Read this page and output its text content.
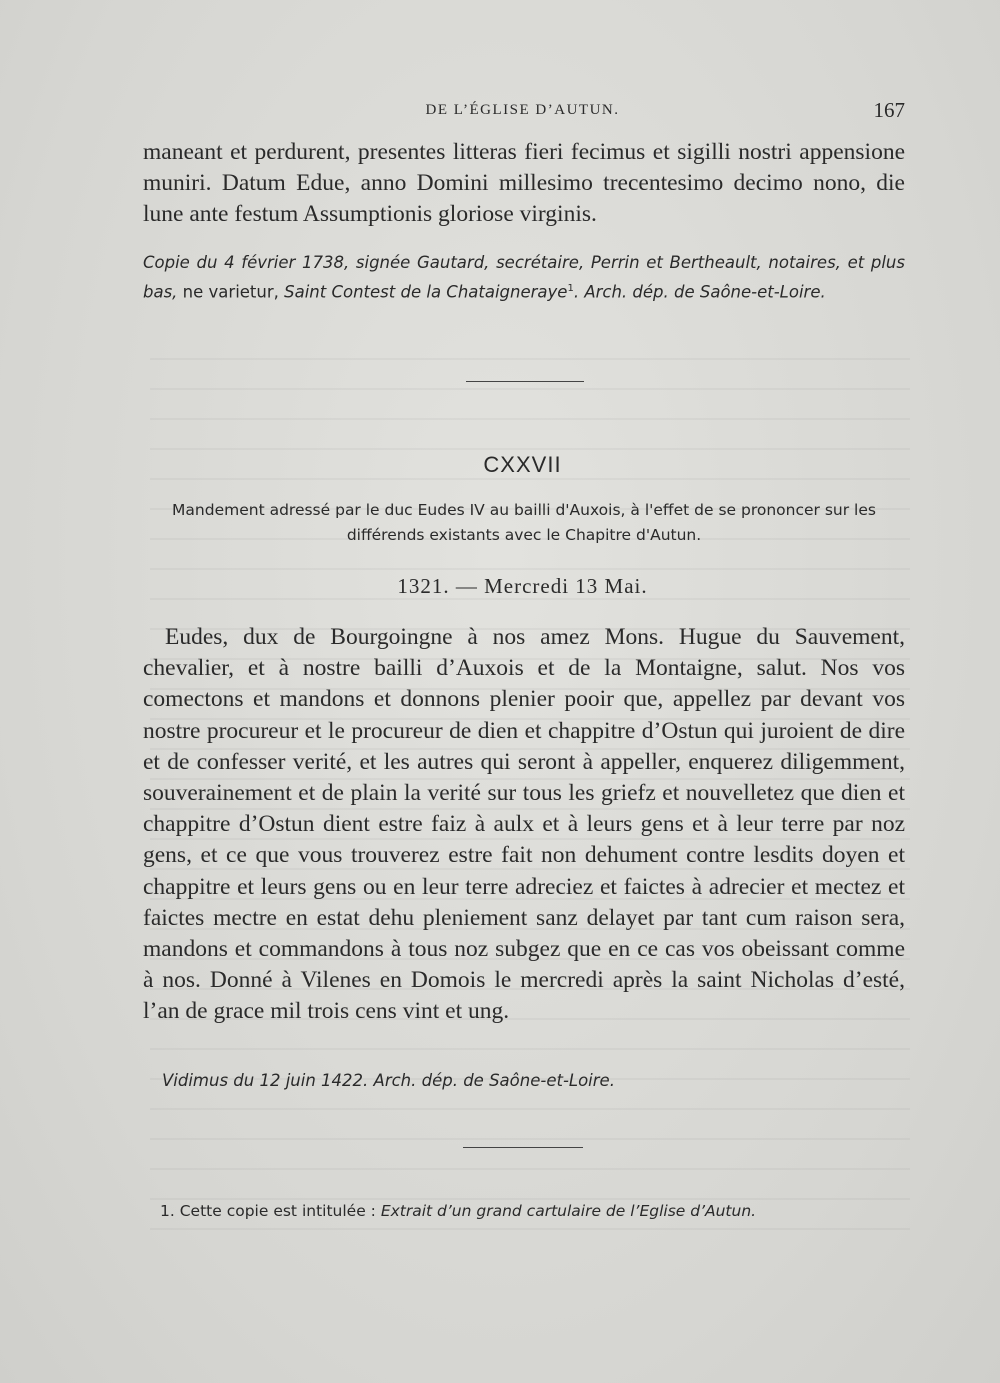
DE L’ÉGLISE D’AUTUN.	167
maneant et perdurent, presentes litteras fieri fecimus et sigilli nostri appensione muniri. Datum Edue, anno Domini millesimo trecentesimo decimo nono, die lune ante festum Assumptionis gloriose virginis.
Copie du 4 février 1738, signée Gautard, secrétaire, Perrin et Bertheault, notaires, et plus bas, ne varietur, Saint Contest de la Chataigneraye$^1$. Arch. dép. de Saône-et-Loire.
CXXVII
Mandement adressé par le duc Eudes IV au bailli d'Auxois, à l'effet de se prononcer sur les différends existants avec le Chapitre d'Autun.
1321. — Mercredi 13 Mai.
Eudes, dux de Bourgoingne à nos amez Mons. Hugue du Sauvement, chevalier, et à nostre bailli d’Auxois et de la Montaigne, salut. Nos vos comectons et mandons et donnons plenier pooir que, appellez par devant vos nostre procureur et le procureur de dien et chappitre d’Ostun qui juroient de dire et de confesser verité, et les autres qui seront à appeller, enquerez diligemment, souverainement et de plain la verité sur tous les griefz et nouvelletez que dien et chappitre d’Ostun dient estre faiz à aulx et à leurs gens et à leur terre par noz gens, et ce que vous trouverez estre fait non dehument contre lesdits doyen et chappitre et leurs gens ou en leur terre adreciez et faictes à adrecier et mectez et faictes mectre en estat dehu pleniement sanz delayet par tant cum raison sera, mandons et commandons à tous noz subgez que en ce cas vos obeissant comme à nos. Donné à Vilenes en Domois le mercredi après la saint Nicholas d’esté, l’an de grace mil trois cens vint et ung.
Vidimus du 12 juin 1422. Arch. dép. de Saône-et-Loire.
1. Cette copie est intitulée : Extrait d’un grand cartulaire de l’Eglise d’Autun.
